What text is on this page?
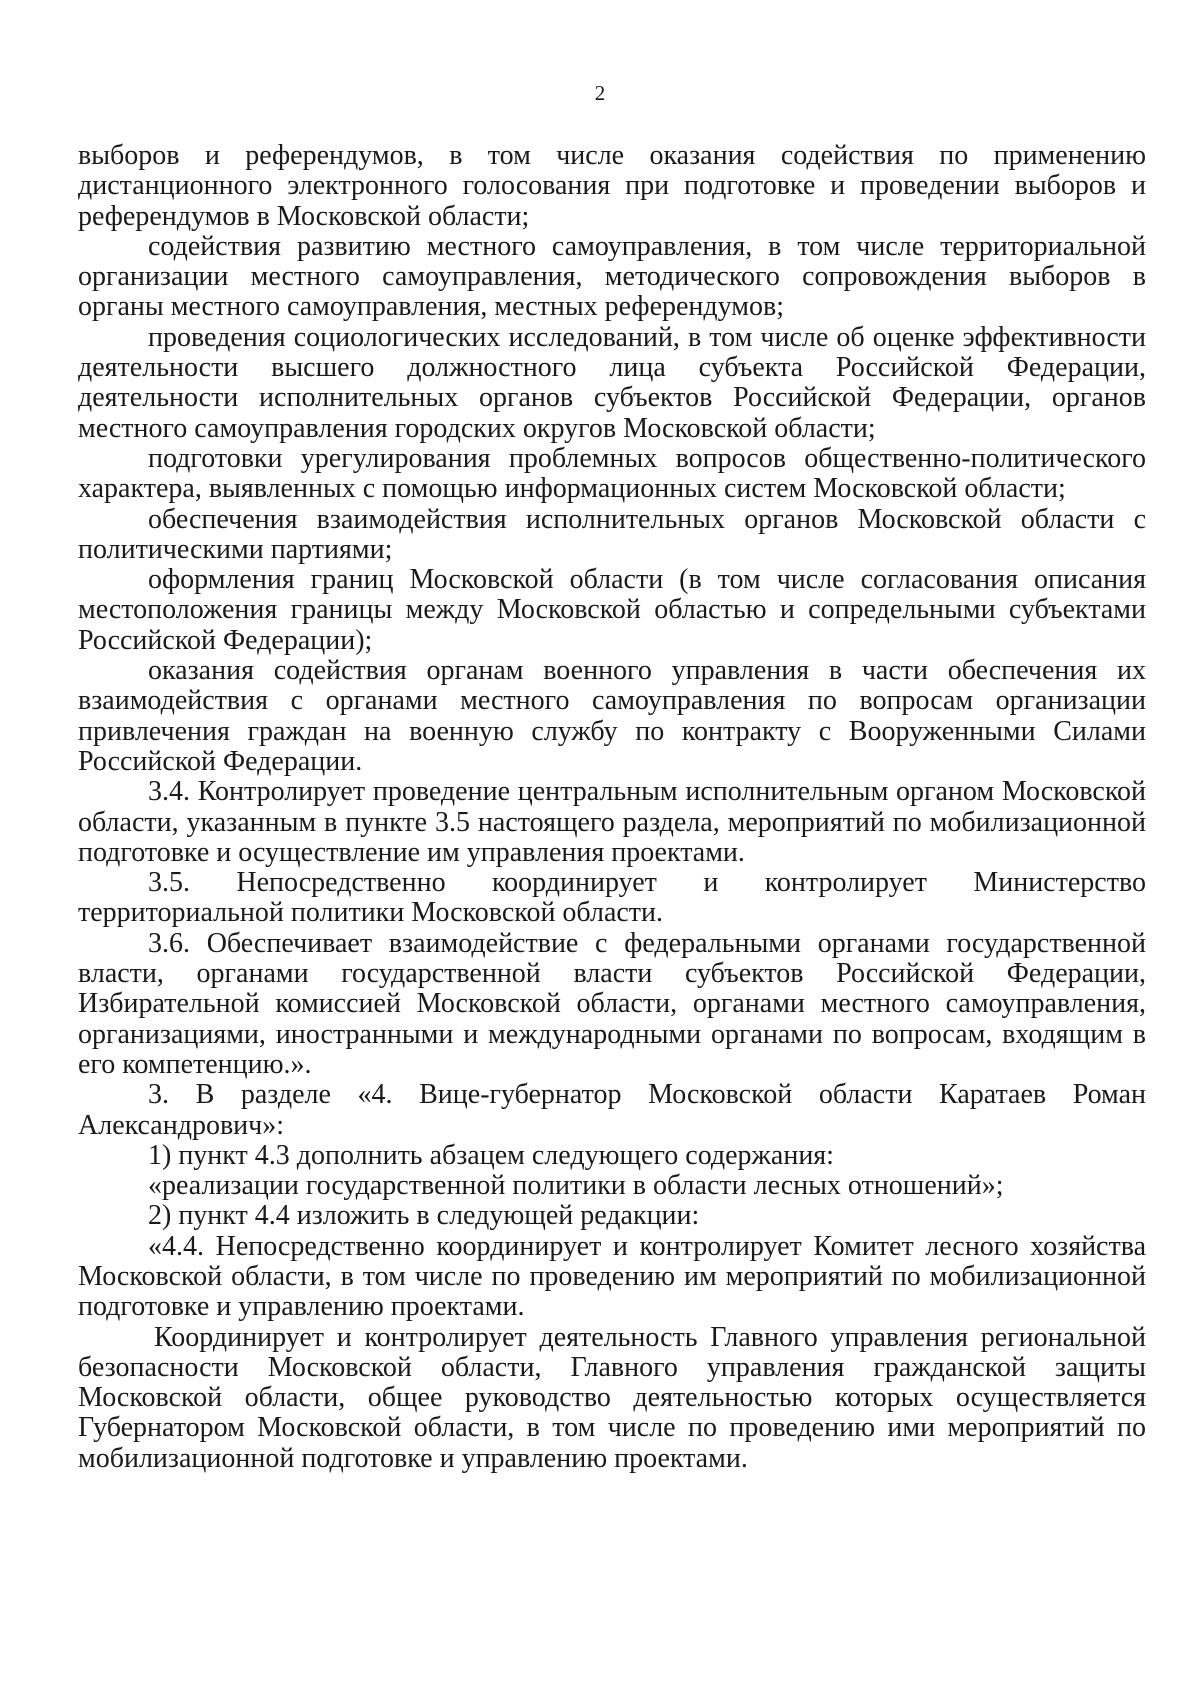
2

выборов и референдумов, в том числе оказания содействия по применению дистанционного электронного голосования при подготовке и проведении выборов и референдумов в Московской области;

содействия развитию местного самоуправления, в том числе территориальной организации местного самоуправления, методического сопровождения выборов в органы местного самоуправления, местных референдумов;

проведения социологических исследований, в том числе об оценке эффективности деятельности высшего должностного лица субъекта Российской Федерации, деятельности исполнительных органов субъектов Российской Федерации, органов местного самоуправления городских округов Московской области;

подготовки урегулирования проблемных вопросов общественно-политического характера, выявленных с помощью информационных систем Московской области;

обеспечения взаимодействия исполнительных органов Московской области с политическими партиями;

оформления границ Московской области (в том числе согласования описания местоположения границы между Московской областью и сопредельными субъектами Российской Федерации);

оказания содействия органам военного управления в части обеспечения их взаимодействия с органами местного самоуправления по вопросам организации привлечения граждан на военную службу по контракту с Вооруженными Силами Российской Федерации.

3.4. Контролирует проведение центральным исполнительным органом Московской области, указанным в пункте 3.5 настоящего раздела, мероприятий по мобилизационной подготовке и осуществление им управления проектами.

3.5. Непосредственно координирует и контролирует Министерство территориальной политики Московской области.

3.6. Обеспечивает взаимодействие с федеральными органами государственной власти, органами государственной власти субъектов Российской Федерации, Избирательной комиссией Московской области, органами местного самоуправления, организациями, иностранными и международными органами по вопросам, входящим в его компетенцию.».

3. В разделе «4. Вице-губернатор Московской области Каратаев Роман Александрович»:

1) пункт 4.3 дополнить абзацем следующего содержания:

«реализации государственной политики в области лесных отношений»;

2) пункт 4.4 изложить в следующей редакции:

«4.4. Непосредственно координирует и контролирует Комитет лесного хозяйства Московской области, в том числе по проведению им мероприятий по мобилизационной подготовке и управлению проектами.

Координирует и контролирует деятельность Главного управления региональной безопасности Московской области, Главного управления гражданской защиты Московской области, общее руководство деятельностью которых осуществляется Губернатором Московской области, в том числе по проведению ими мероприятий по мобилизационной подготовке и управлению проектами.
